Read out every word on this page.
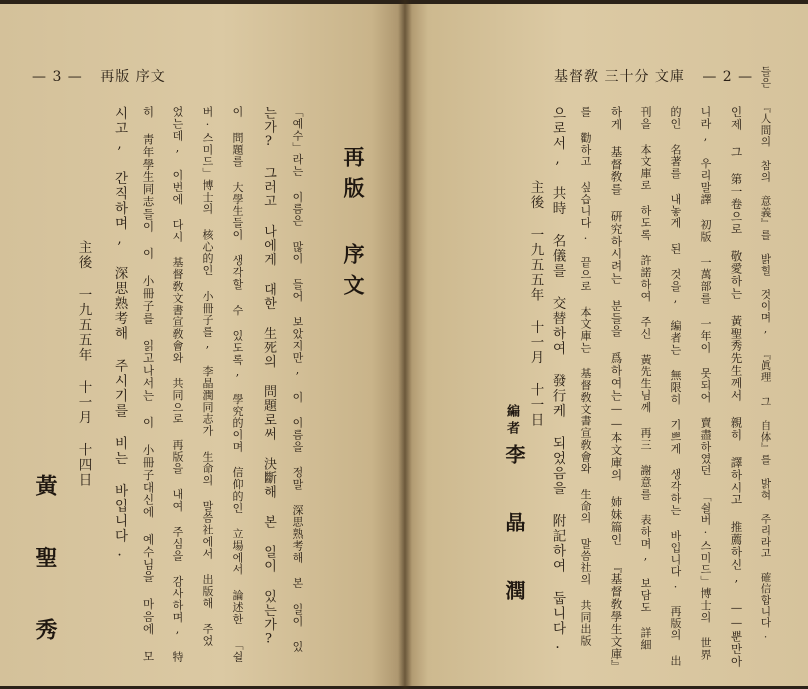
— 3 — 再版 序文
再版 序文
「예수」라는 이름은 많이 들어 보았지만, 이 이름을 정말 深思熟考해 본 일이 있
는가? 그러고 나에게 대한 生死의 問題로써 決斷해 본 일이 있는가?
이 問題를 大學生들이 생각할 수 있도록, 學究的이며 信仰的인 立場에서 論述한 「쉴
버·스미드」博士의 核心的인 小冊子를, 李晶潤同志가 生命의 말씀社에서 出版해 주었
었는데, 이번에 다시 基督敎文書宣敎會와 共同으로 再版을 내여 주심을 감사하며, 特
히 靑年學生同志들이 이 小冊子를 읽고나서는 이 小冊子대신에 예수님을 마음에 모
시고, 간직하며, 深思熟考해 주시기를 비는 바입니다.
主後 一九五五年 十一月 十四日
黃 聖 秀
基督敎 三十分 文庫 — 2 — 들은 『人間의 참의 意義』를 밝힐 것이며, 『眞理 그 自体』를 밝혀 주리라고 確信합니다.
인제 그 第一卷으로 敬愛하는 黃聖秀先生께서 親히 譯하시고 推薦하신, ——뿐만아
니라, 우리말譯 初版 一萬部를 一年이 못되어 賣盡하였던 「쉴버·스미드」博士의 世界
的인 名著를 내놓게 된 것을, 編者는 無限히 기쁘게 생각하는 바입니다. 再版의 出
刊을 本文庫로 하도록 許諾하여 주신 黃先生님께 再三 謝意를 表하며, 보담도 詳細
하게 基督敎를 硏究하시려는 분들을 爲하여는——本文庫의 姉妹篇인 『基督敎學生文庫』
를 勸하고 싶습니다. 끝으로 本文庫는 基督敎文書宣敎會와 生命의 말씀社의 共同出版
으로서, 共時 名儀를 交替하여 發行케 되었음을 附記하여 둡니다.
主後 一九五五年 十一月 十一日
編者
李 晶 潤
